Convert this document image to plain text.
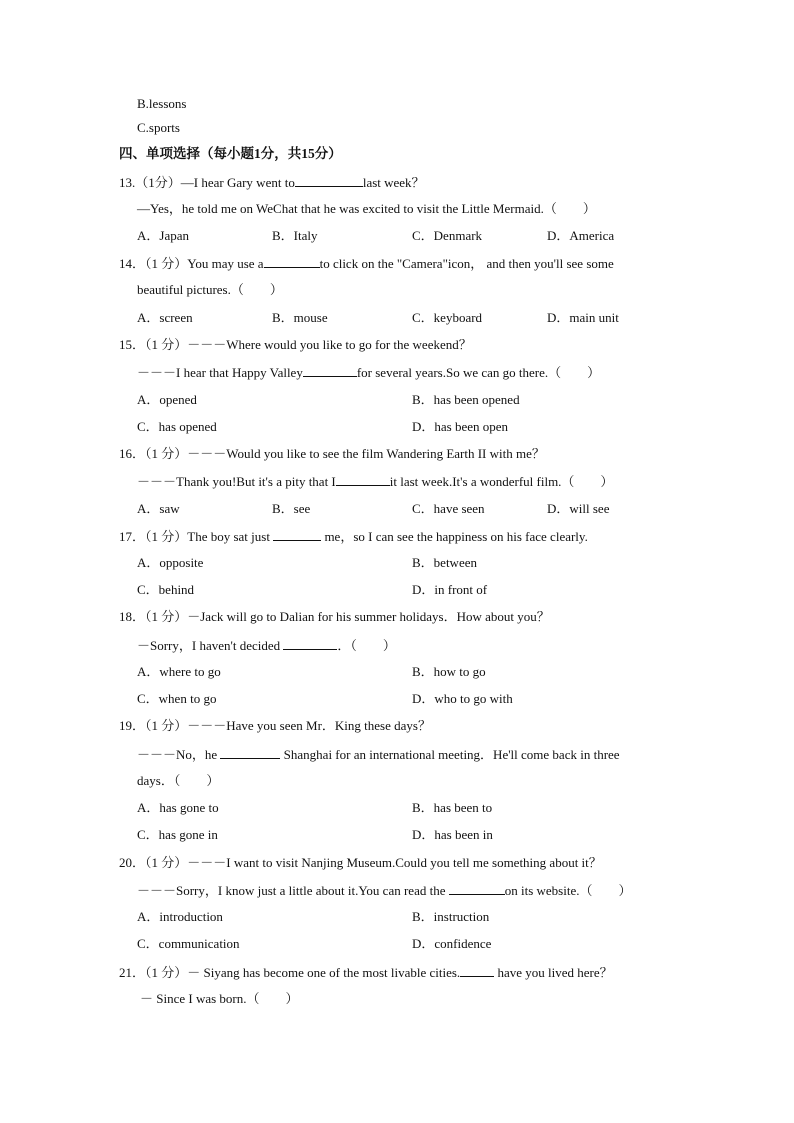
B.lessons
C.sports
四、单项选择（每小题1分，共15分）
13.（1分）—I hear Gary went to	last week？
—Yes，he told me on WeChat that he was excited to visit the Little Mermaid.（　　）
A．Japan	B．Italy	C．Denmark	D．America
14．（1 分）You may use a	to click on the "Camera"icon， and then you'll see some
beautiful pictures.（　　）
A．screen	B．mouse	C．keyboard	D．main unit
15．（1 分）－－－Where would you like to go for the weekend？
－－－I hear that Happy Valley	for several years.So we can go there.（　　）
A．opened	B．has been opened
C．has opened	D．has been open
16．（1 分）－－－Would you like to see the film Wandering Earth II with me？
－－－Thank you!But it's a pity that I	it last week.It's a wonderful film.（　　）
A．saw	B．see	C．have seen	D．will see
17．（1 分）The boy sat just	me，so I can see the happiness on his face clearly.
A．opposite	B．between
C．behind	D．in front of
18．（1 分）－Jack will go to Dalian for his summer holidays．How about you？
－Sorry，I haven't decided	．（　　）
A．where to go	B．how to go
C．when to go	D．who to go with
19．（1 分）－－－Have you seen Mr．King these days？
－－－No，he	Shanghai for an international meeting．He'll come back in three
days．（　　）
A．has gone to	B．has been to
C．has gone in	D．has been in
20．（1 分）－－－I want to visit Nanjing Museum.Could you tell me something about it？
－－－Sorry，I know just a little about it.You can read the	on its website.（　　）
A．introduction	B．instruction
C．communication	D．confidence
21．（1 分）－ Siyang has become one of the most livable cities.	have you lived here？
－ Since I was born.（　　）
